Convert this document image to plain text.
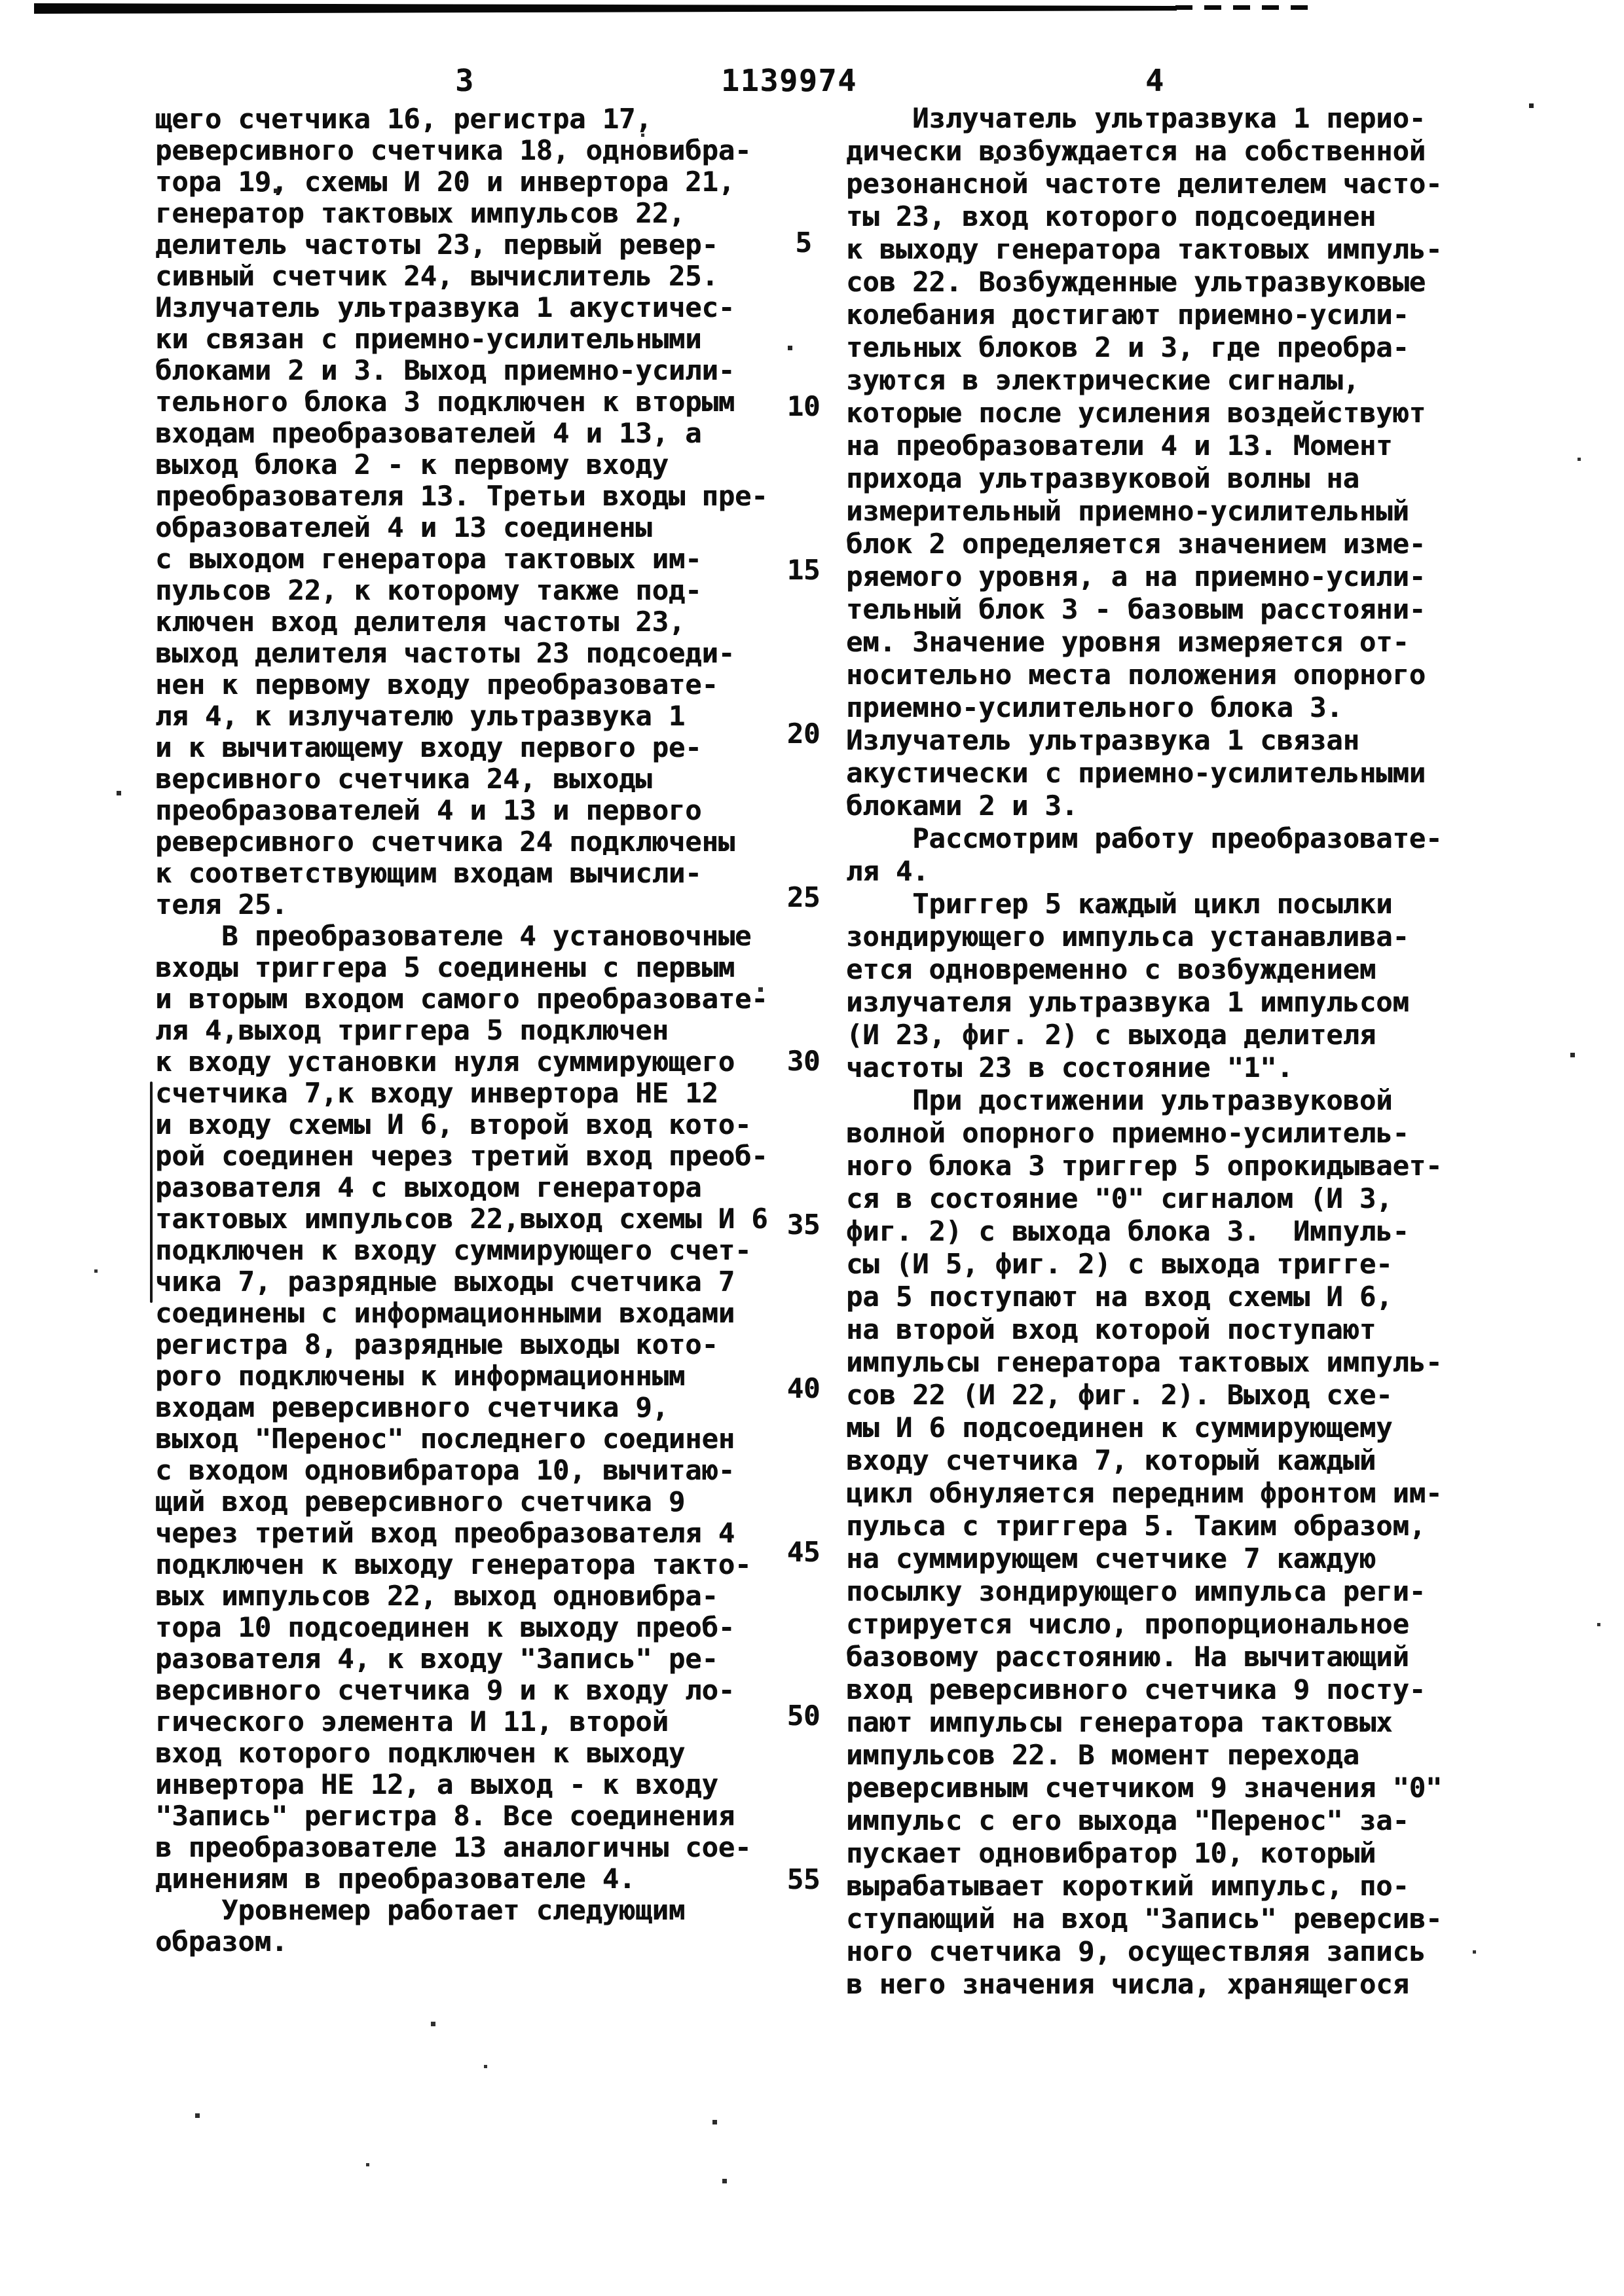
3	1139974	4
щего счетчика 16, регистра 17,
реверсивного счетчика 18, одновибра-
тора 19, схемы И 20 и инвертора 21,
генератор тактовых импульсов 22,
делитель частоты 23, первый ревер-
сивный счетчик 24, вычислитель 25.
Излучатель ультразвука 1 акустичес-
ки связан с приемно-усилительными
блоками 2 и 3. Выход приемно-усили-
тельного блока 3 подключен к вторым
входам преобразователей 4 и 13, а
выход блока 2 - к первому входу
преобразователя 13. Третьи входы пре-
образователей 4 и 13 соединены
с выходом генератора тактовых им-
пульсов 22, к которому также под-
ключен вход делителя частоты 23,
выход делителя частоты 23 подсоеди-
нен к первому входу преобразовате-
ля 4, к излучателю ультразвука 1
и к вычитающему входу первого ре-
версивного счетчика 24, выходы
преобразователей 4 и 13 и первого
реверсивного счетчика 24 подключены
к соответствующим входам вычисли-
теля 25.
В преобразователе 4 установочные
входы триггера 5 соединены с первым
и вторым входом самого преобразовате-
ля 4,выход триггера 5 подключен
к входу установки нуля суммирующего
счетчика 7,к входу инвертора НЕ 12
и входу схемы И 6, второй вход кото-
рой соединен через третий вход преоб-
разователя 4 с выходом генератора
тактовых импульсов 22,выход схемы И 6
подключен к входу суммирующего счет-
чика 7, разрядные выходы счетчика 7
соединены с информационными входами
регистра 8, разрядные выходы кото-
рого подключены к информационным
входам реверсивного счетчика 9,
выход "Перенос" последнего соединен
с входом одновибратора 10, вычитаю-
щий вход реверсивного счетчика 9
через третий вход преобразователя 4
подключен к выходу генератора такто-
вых импульсов 22, выход одновибра-
тора 10 подсоединен к выходу преоб-
разователя 4, к входу "Запись" ре-
версивного счетчика 9 и к входу ло-
гического элемента И 11, второй
вход которого подключен к выходу
инвертора НЕ 12, а выход - к входу
"Запись" регистра 8. Все соединения
в преобразователе 13 аналогичны сое-
динениям в преобразователе 4.
Уровнемер работает следующим
образом.
5
10
15
20
25
30
35
40
45
50
55
Излучатель ультразвука 1 перио-
дически возбуждается на собственной
резонансной частоте делителем часто-
ты 23, вход которого подсоединен
к выходу генератора тактовых импуль-
сов 22. Возбужденные ультразвуковые
колебания достигают приемно-усили-
тельных блоков 2 и 3, где преобра-
зуются в электрические сигналы,
которые после усиления воздействуют
на преобразователи 4 и 13. Момент
прихода ультразвуковой волны на
измерительный приемно-усилительный
блок 2 определяется значением изме-
ряемого уровня, а на приемно-усили-
тельный блок 3 - базовым расстояни-
ем. Значение уровня измеряется от-
носительно места положения опорного
приемно-усилительного блока 3.
Излучатель ультразвука 1 связан
акустически с приемно-усилительными
блоками 2 и 3.
Рассмотрим работу преобразовате-
ля 4.
Триггер 5 каждый цикл посылки
зондирующего импульса устанавлива-
ется одновременно с возбуждением
излучателя ультразвука 1 импульсом
(И 23, фиг. 2) с выхода делителя
частоты 23 в состояние "1".
При достижении ультразвуковой
волной опорного приемно-усилитель-
ного блока 3 триггер 5 опрокидывает-
ся в состояние "0" сигналом (И 3,
фиг. 2) с выхода блока 3.  Импуль-
сы (И 5, фиг. 2) с выхода тригге-
ра 5 поступают на вход схемы И 6,
на второй вход которой поступают
импульсы генератора тактовых импуль-
сов 22 (И 22, фиг. 2). Выход схе-
мы И 6 подсоединен к суммирующему
входу счетчика 7, который каждый
цикл обнуляется передним фронтом им-
пульса с триггера 5. Таким образом,
на суммирующем счетчике 7 каждую
посылку зондирующего импульса реги-
стрируется число, пропорциональное
базовому расстоянию. На вычитающий
вход реверсивного счетчика 9 посту-
пают импульсы генератора тактовых
импульсов 22. В момент перехода
реверсивным счетчиком 9 значения "0"
импульс с его выхода "Перенос" за-
пускает одновибратор 10, который
вырабатывает короткий импульс, по-
ступающий на вход "Запись" реверсив-
ного счетчика 9, осуществляя запись
в него значения числа, хранящегося
